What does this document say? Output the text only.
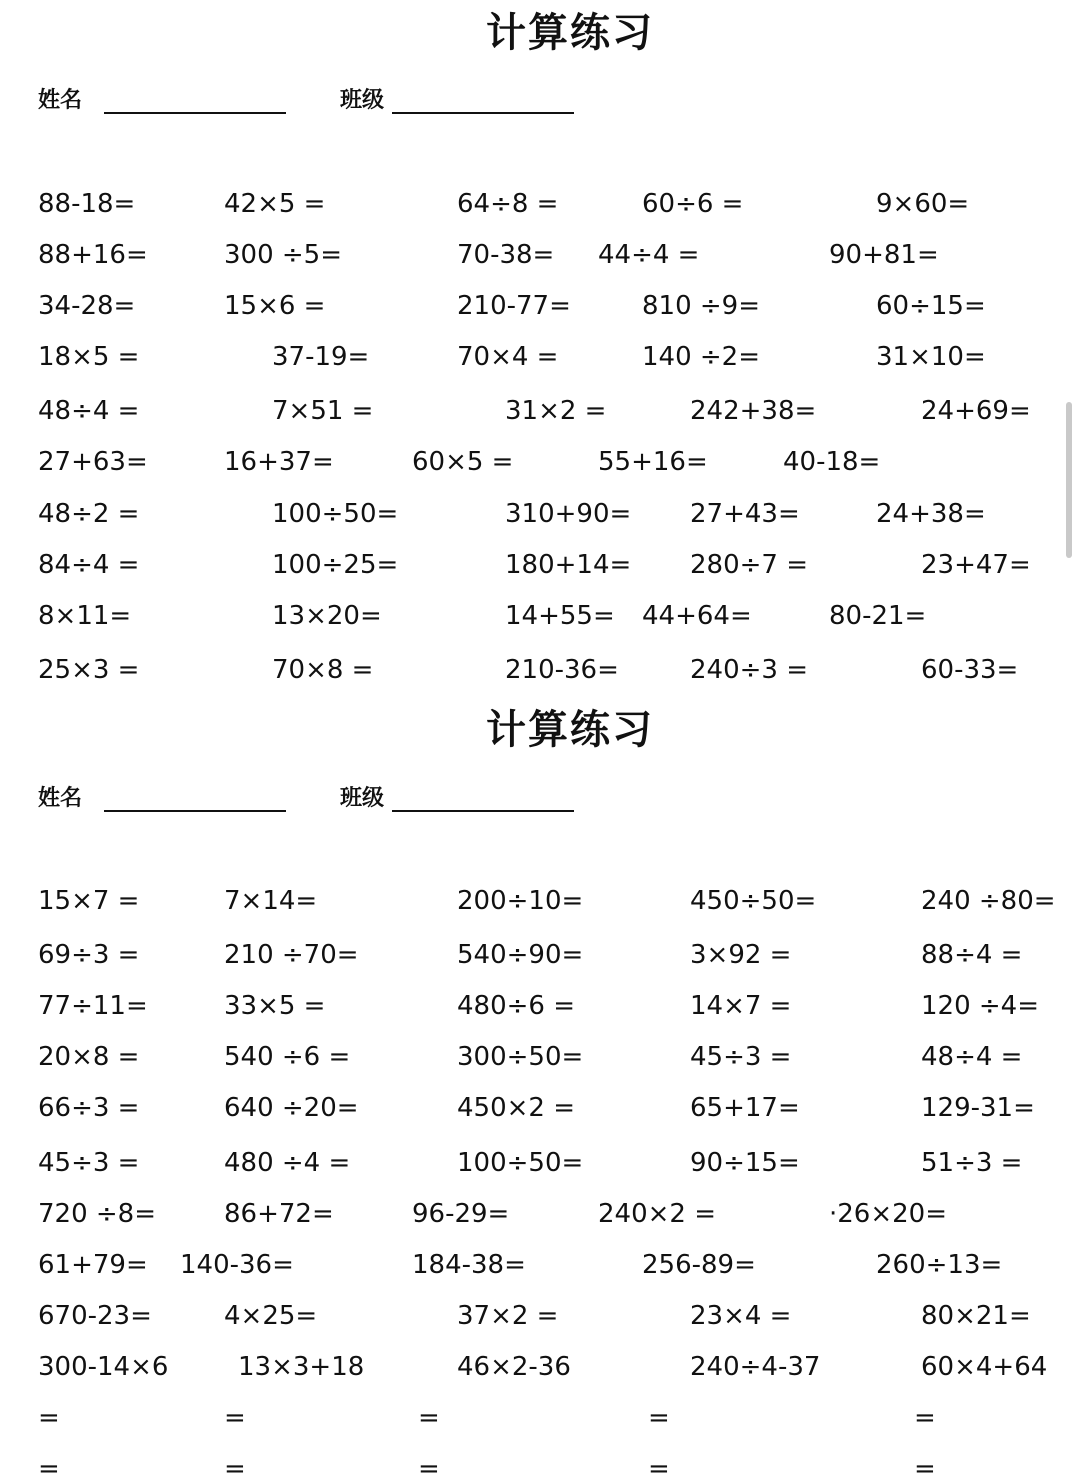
计算练习
姓名	班级
88-18=	42×5 =	64÷8 =	60÷6 =	9×60=
88+16=	300 ÷5=	70-38= 44÷4 =	90+81=
34-28=	15×6 =	210-77=	810 ÷9=	60÷15=
18×5 =	37-19=	70×4 =	140 ÷2=	31×10=
48÷4 =	7×51 =	31×2 =	242+38=	24+69=
27+63=	16+37=	60×5 =	55+16=	40-18=
48÷2 =	100÷50=	310+90= 27+43=	24+38=
84÷4 =	100÷25=	180+14= 280÷7 =	23+47=
8×11=	13×20=	14+55= 44+64=	80-21=
25×3 =	70×8 =	210-36=	240÷3 =	60-33=
计算练习
姓名	班级
15×7 =	7×14=	200÷10=	450÷50=	240 ÷80=
69÷3 =	210 ÷70=	540÷90=	3×92 =	88÷4 =
77÷11=	33×5 =	480÷6 =	14×7 =	120 ÷4=
20×8 =	540 ÷6 =	300÷50=	45÷3 =	48÷4 =
66÷3 =	640 ÷20=	450×2 =	65+17=	129-31=
45÷3 =	480 ÷4 =	100÷50=	90÷15=	51÷3 =
720 ÷8=	86+72=	96-29=	240×2 =	·26×20=
61+79= 140-36=	184-38=	256-89=	260÷13=
670-23=	4×25=	37×2 =	23×4 =	80×21=
300-14×6	13×3+18	46×2-36	240÷4-37	60×4+64
=	=	=	=	=
=	=	=	=	=
